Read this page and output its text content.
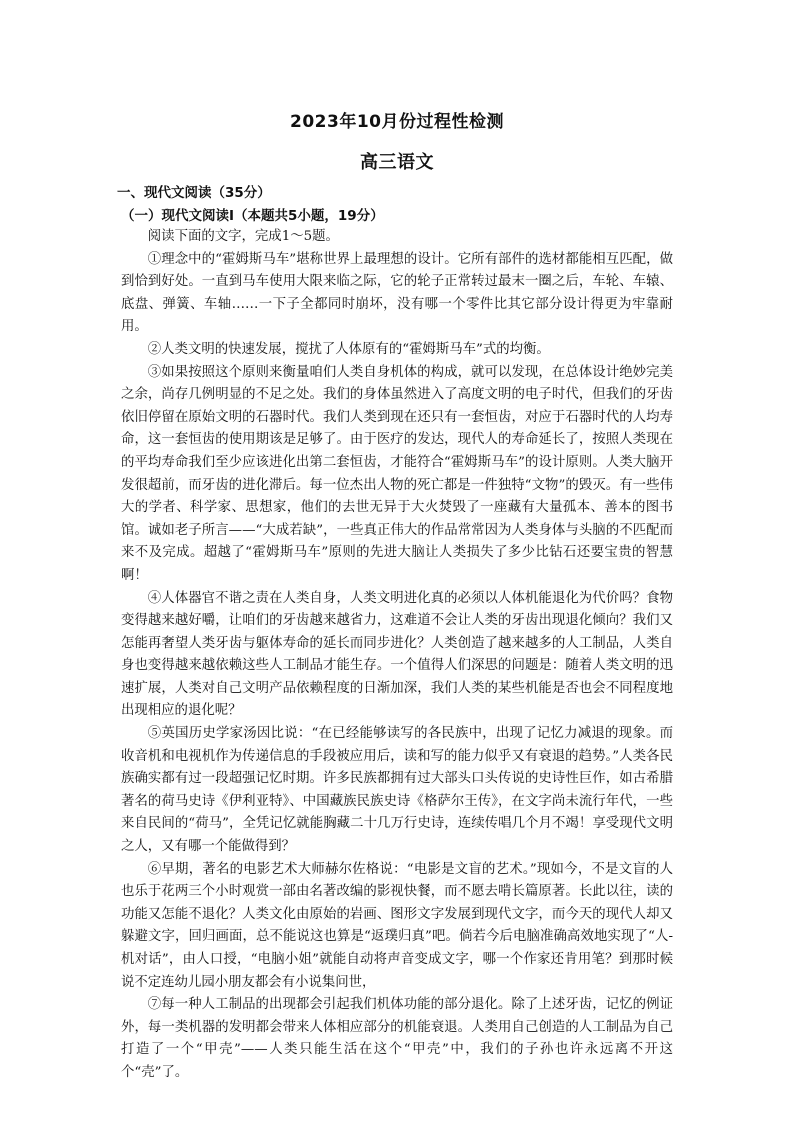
2023年10月份过程性检测
高三语文
一、现代文阅读（35分）
（一）现代文阅读Ⅰ（本题共5小题，19分）

阅读下面的文字，完成1～5题。

①理念中的“霍姆斯马车”堪称世界上最理想的设计。它所有部件的选材都能相互匹配，做到恰到好处。一直到马车使用大限来临之际，它的轮子正常转过最末一圈之后，车轮、车辕、底盘、弹簧、车轴……一下子全都同时崩坏，没有哪一个零件比其它部分设计得更为牢靠耐用。

②人类文明的快速发展，搅扰了人体原有的“霍姆斯马车”式的均衡。

③如果按照这个原则来衡量咱们人类自身机体的构成，就可以发现，在总体设计绝妙完美之余，尚存几例明显的不足之处。我们的身体虽然进入了高度文明的电子时代，但我们的牙齿依旧停留在原始文明的石器时代。我们人类到现在还只有一套恒齿，对应于石器时代的人均寿命，这一套恒齿的使用期该是足够了。由于医疗的发达，现代人的寿命延长了，按照人类现在的平均寿命我们至少应该进化出第二套恒齿，才能符合“霍姆斯马车”的设计原则。人类大脑开发很超前，而牙齿的进化滞后。每一位杰出人物的死亡都是一件独特“文物”的毁灭。有一些伟大的学者、科学家、思想家，他们的去世无异于大火焚毁了一座藏有大量孤本、善本的图书馆。诚如老子所言——“大成若缺”，一些真正伟大的作品常常因为人类身体与头脑的不匹配而来不及完成。超越了“霍姆斯马车”原则的先进大脑让人类损失了多少比钻石还要宝贵的智慧啊！

④人体器官不谐之责在人类自身，人类文明进化真的必须以人体机能退化为代价吗？食物变得越来越好嚼，让咱们的牙齿越来越省力，这难道不会让人类的牙齿出现退化倾向？我们又怎能再奢望人类牙齿与躯体寿命的延长而同步进化？人类创造了越来越多的人工制品，人类自身也变得越来越依赖这些人工制品才能生存。一个值得人们深思的问题是：随着人类文明的迅速扩展，人类对自己文明产品依赖程度的日渐加深，我们人类的某些机能是否也会不同程度地出现相应的退化呢？

⑤英国历史学家汤因比说：“在已经能够读写的各民族中，出现了记忆力减退的现象。而收音机和电视机作为传递信息的手段被应用后，读和写的能力似乎又有衰退的趋势。”人类各民族确实都有过一段超强记忆时期。许多民族都拥有过大部头口头传说的史诗性巨作，如古希腊著名的荷马史诗《伊利亚特》、中国藏族民族史诗《格萨尔王传》，在文字尚未流行年代，一些来自民间的“荷马”，全凭记忆就能胸藏二十几万行史诗，连续传唱几个月不竭！享受现代文明之人，又有哪一个能做得到？

⑥早期，著名的电影艺术大师赫尔佐格说：“电影是文盲的艺术。”现如今，不是文盲的人也乐于花两三个小时观赏一部由名著改编的影视快餐，而不愿去啃长篇原著。长此以往，读的功能又怎能不退化？人类文化由原始的岩画、图形文字发展到现代文字，而今天的现代人却又躲避文字，回归画面，总不能说这也算是“返璞归真”吧。倘若今后电脑准确高效地实现了“人-机对话”，由人口授，“电脑小姐”就能自动将声音变成文字，哪一个作家还肯用笔？到那时候说不定连幼儿园小朋友都会有小说集问世，

⑦每一种人工制品的出现都会引起我们机体功能的部分退化。除了上述牙齿，记忆的例证外，每一类机器的发明都会带来人体相应部分的机能衰退。人类用自己创造的人工制品为自己打造了一个“甲壳”——人类只能生活在这个“甲壳”中，我们的子孙也许永远离不开这个“壳”了。
